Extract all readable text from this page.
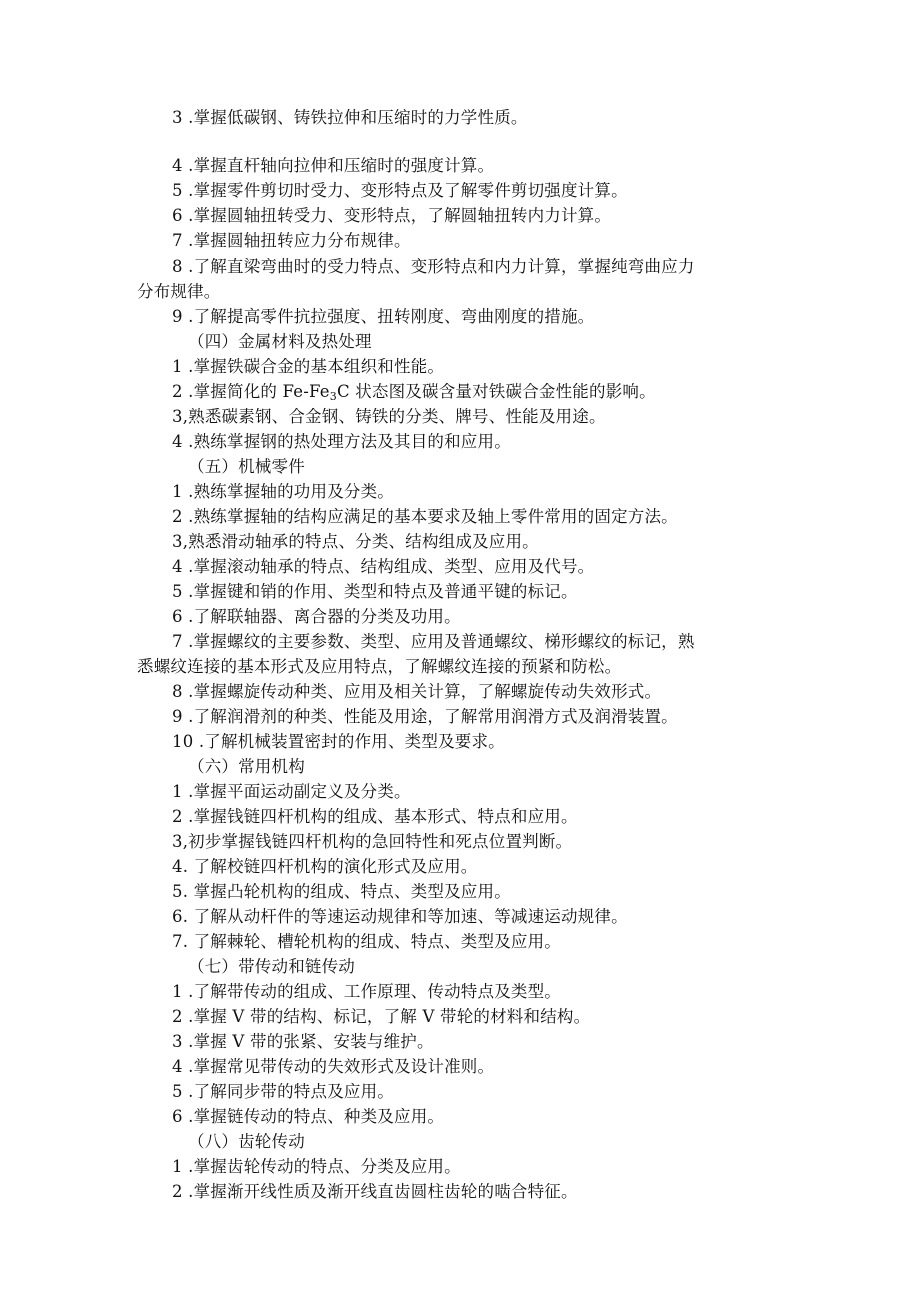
3 .掌握低碳钢、铸铁拉伸和压缩时的力学性质。
4 .掌握直杆轴向拉伸和压缩时的强度计算。
5 .掌握零件剪切时受力、变形特点及了解零件剪切强度计算。
6 .掌握圆轴扭转受力、变形特点，了解圆轴扭转内力计算。
7 .掌握圆轴扭转应力分布规律。
8 .了解直梁弯曲时的受力特点、变形特点和内力计算，掌握纯弯曲应力
分布规律。
9 .了解提高零件抗拉强度、扭转刚度、弯曲刚度的措施。
（四）金属材料及热处理
1 .掌握铁碳合金的基本组织和性能。
2 .掌握简化的 $Fe-Fe_3C$ 状态图及碳含量对铁碳合金性能的影响。
3,熟悉碳素钢、合金钢、铸铁的分类、牌号、性能及用途。
4 .熟练掌握钢的热处理方法及其目的和应用。
（五）机械零件
1 .熟练掌握轴的功用及分类。
2 .熟练掌握轴的结构应满足的基本要求及轴上零件常用的固定方法。
3,熟悉滑动轴承的特点、分类、结构组成及应用。
4 .掌握滚动轴承的特点、结构组成、类型、应用及代号。
5 .掌握键和销的作用、类型和特点及普通平键的标记。
6 .了解联轴器、离合器的分类及功用。
7 .掌握螺纹的主要参数、类型、应用及普通螺纹、梯形螺纹的标记，熟
悉螺纹连接的基本形式及应用特点，了解螺纹连接的预紧和防松。
8 .掌握螺旋传动种类、应用及相关计算，了解螺旋传动失效形式。
9 .了解润滑剂的种类、性能及用途，了解常用润滑方式及润滑装置。
10 .了解机械装置密封的作用、类型及要求。
（六）常用机构
1 .掌握平面运动副定义及分类。
2 .掌握钱链四杆机构的组成、基本形式、特点和应用。
3,初步掌握钱链四杆机构的急回特性和死点位置判断。
4. 了解校链四杆机构的演化形式及应用。
5. 掌握凸轮机构的组成、特点、类型及应用。
6. 了解从动杆件的等速运动规律和等加速、等减速运动规律。
7. 了解棘轮、槽轮机构的组成、特点、类型及应用。
（七）带传动和链传动
1 .了解带传动的组成、工作原理、传动特点及类型。
2 .掌握 V 带的结构、标记，了解 V 带轮的材料和结构。
3 .掌握 V 带的张紧、安装与维护。
4 .掌握常见带传动的失效形式及设计准则。
5 .了解同步带的特点及应用。
6 .掌握链传动的特点、种类及应用。
（八）齿轮传动
1 .掌握齿轮传动的特点、分类及应用。
2 .掌握渐开线性质及渐开线直齿圆柱齿轮的啮合特征。
